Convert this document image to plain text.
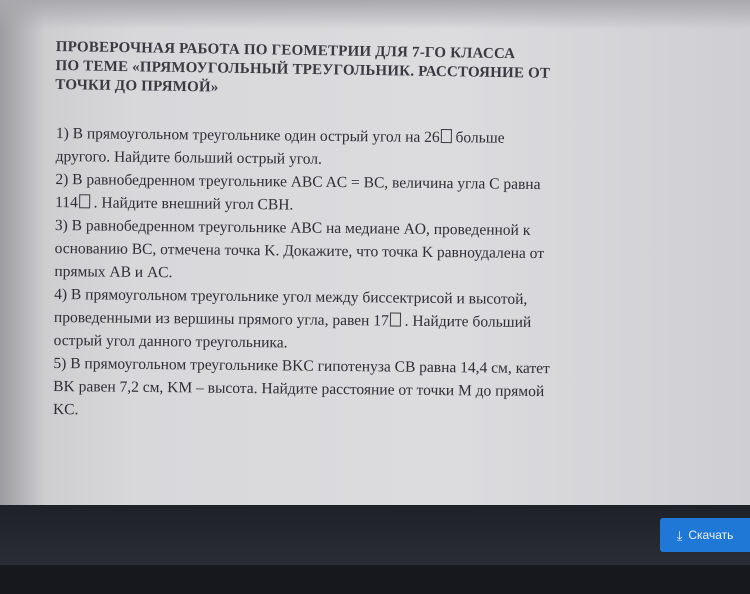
ПРОВЕРОЧНАЯ РАБОТА ПО ГЕОМЕТРИИ ДЛЯ 7-ГО КЛАССА
ПО ТЕМЕ «ПРЯМОУГОЛЬНЫЙ ТРЕУГОЛЬНИК. РАССТОЯНИЕ ОТ
ТОЧКИ ДО ПРЯМОЙ»
1) В прямоугольном треугольнике один острый угол на 26 больше
другого. Найдите больший острый угол.
2) В равнобедренном треугольнике ABC AC = BC, величина угла C равна
114 . Найдите внешний угол CBH.
3) В равнобедренном треугольнике ABC на медиане AO, проведенной к
основанию BC, отмечена точка K. Докажите, что точка K равноудалена от
прямых AB и AC.
4) В прямоугольном треугольнике угол между биссектрисой и высотой,
проведенными из вершины прямого угла, равен 17 . Найдите больший
острый угол данного треугольника.
5) В прямоугольном треугольнике BKC гипотенуза CB равна 14,4 см, катет
BK равен 7,2 см, KM – высота. Найдите расстояние от точки M до прямой
KC.
⤓ Скачать
